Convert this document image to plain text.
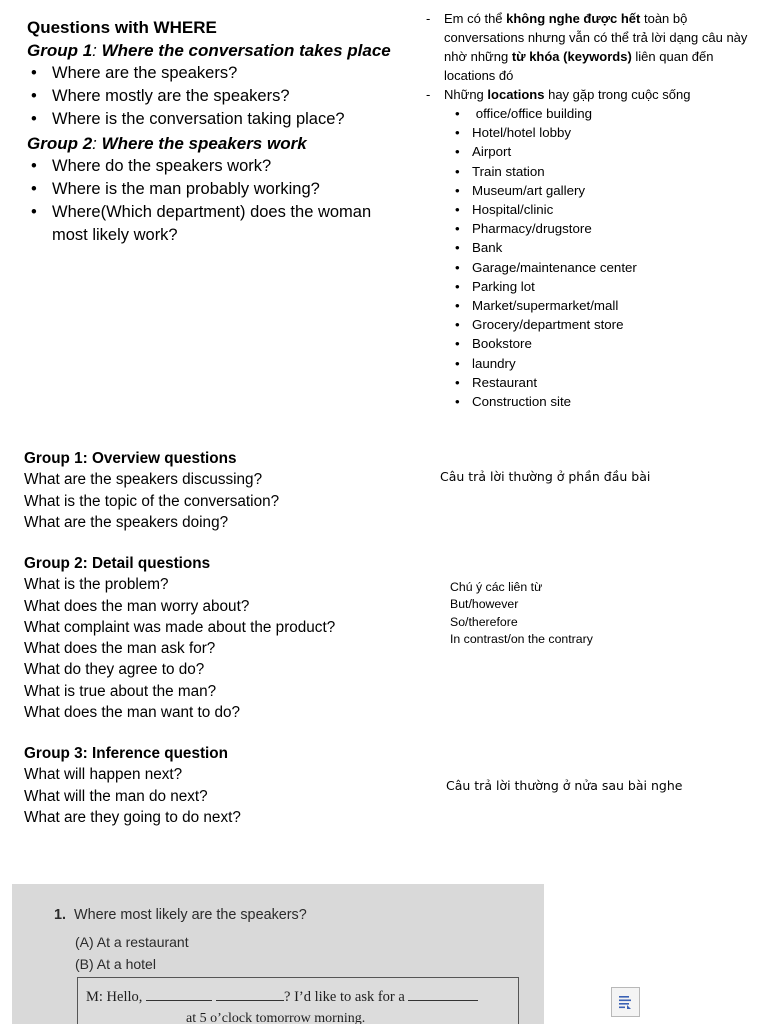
Questions with WHERE
Group 1: Where the conversation takes place
• Where are the speakers?
• Where mostly are the speakers?
• Where is the conversation taking place?
Group 2: Where the speakers work
• Where do the speakers work?
• Where is the man probably working?
• Where(Which department) does the woman most likely work?
- Em có thể không nghe được hết toàn bộ conversations nhưng vẫn có thể trả lời dạng câu này nhờ những từ khóa (keywords) liên quan đến locations đó
- Những locations hay gặp trong cuộc sống
•  office/office building
• Hotel/hotel lobby
• Airport
• Train station
• Museum/art gallery
• Hospital/clinic
• Pharmacy/drugstore
• Bank
• Garage/maintenance center
• Parking lot
• Market/supermarket/mall
• Grocery/department store
• Bookstore
• laundry
• Restaurant
• Construction site
Group 1: Overview questions
What are the speakers discussing?
What is the topic of the conversation?
What are the speakers doing?
Câu trả lời thường ở phần đầu bài
Group 2: Detail questions
What is the problem?
What does the man worry about?
What complaint was made about the product?
What does the man ask for?
What do they agree to do?
What is true about the man?
What does the man want to do?
Chú ý các liên từ
But/however
So/therefore
In contrast/on the contrary
Group 3: Inference question
What will happen next?
What will the man do next?
What are they going to do next?
Câu trả lời thường ở nửa sau bài nghe
1. Where most likely are the speakers?
(A) At a restaurant
(B) At a hotel
M: Hello,	? I’d like to ask for a
at 5 o’clock tomorrow morning.
